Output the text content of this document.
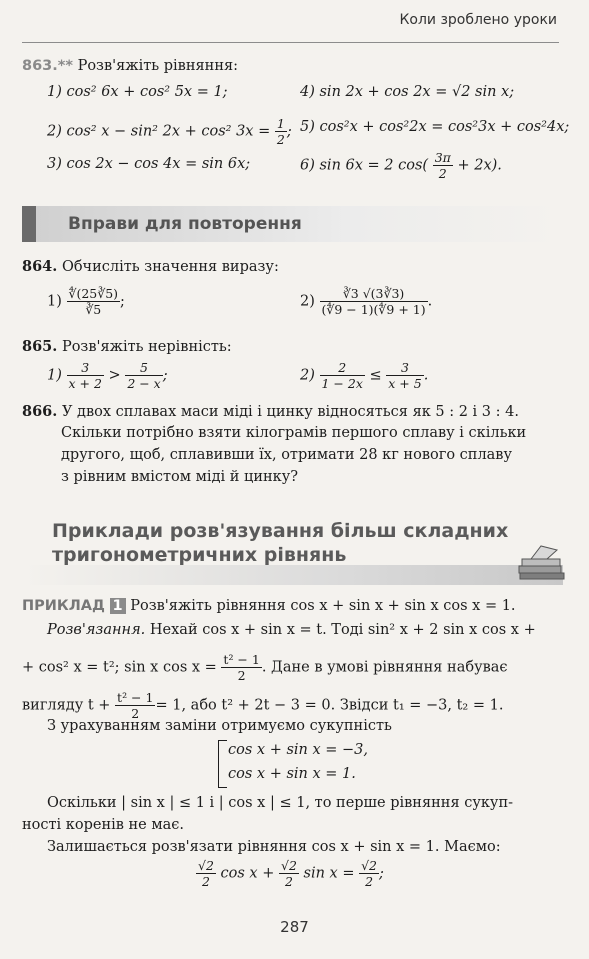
Коли зроблено уроки
863.** Розв'яжіть рівняння:
1) cos² 6x + cos² 5x = 1;	4) sin 2x + cos 2x = √2 sin x;
2) cos² x − sin² 2x + cos² $3x = \frac{1}{2}$ ; 5) cos²x + cos²2x = cos²3x + cos²4x;
3) cos 2x − cos 4x = sin 6x;	6) sin 6x = 2 $\cos( \frac{3\pi}{2} + 2x)$.
Вправи для повторення
864. Обчисліть значення виразу:
$1) \frac{∜(25∛5)}{∛5}$ ;	$2) \frac{∛3 √(3∛3)}{(∜9 - 1)(∜9 + 1)}$ .
865. Розв'яжіть нерівність:
$1) \frac{3}{x + 2} > \frac{5}{2 - x}$ ;	$2) \frac{2}{1 - 2x} \le \frac{3}{x + 5}$ .
866. У двох сплавах маси міді і цинку відносяться як 5 : 2 і 3 : 4.
Скільки потрібно взяти кілограмів першого сплаву і скільки
другого, щоб, сплавивши їх, отримати 28 кг нового сплаву
з рівним вмістом міді й цинку?
Приклади розв'язування більш складних
тригонометричних рівнянь
ПРИКЛАД 1 Розв'яжіть рівняння cos x + sin x + sin x cos x = 1.
Розв'язання. Нехай cos x + sin x = t. Тоді sin² x + 2 sin x cos x +
+ cos² x = t²; sin x $\cos x = \frac{\text{t² − 1}}{2}$ . Дане в умові рівняння набуває
вигляду $t + \frac{\text{t² − 1}}{2} = 1$, або t² + 2t − 3 = 0. Звідси t₁ = −3, t₂ = 1.
З урахуванням заміни отримуємо сукупність
cos x + sin x = −3,
cos x + sin x = 1.
Оскільки | sin x | ≤ 1 і | cos x | ≤ 1, то перше рівняння сукуп-
ності коренів не має.
Залишається розв'язати рівняння cos x + sin x = 1. Маємо:
$\frac{√2}{2}$ $\cos x + \frac{√2}{2}$ $\sin x = \frac{√2}{2}$ ;
287
